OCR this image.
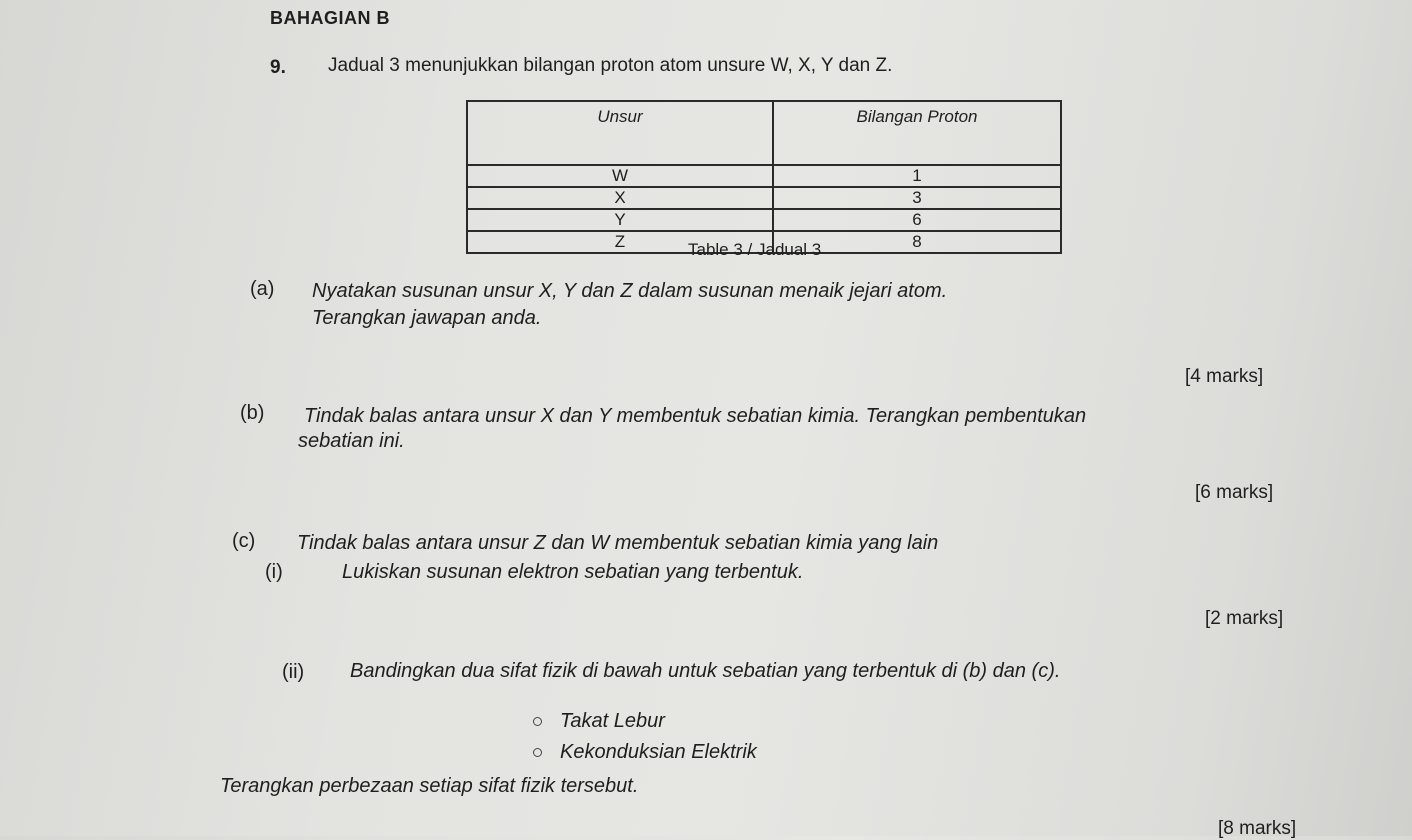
BAHAGIAN B
9. Jadual 3 menunjukkan bilangan proton atom unsure W, X, Y dan Z.
Unsur	Bilangan Proton
W	1
X	3
Y	6
Z	8
Table 3 / Jadual 3
(a) Nyatakan susunan unsur X, Y dan Z dalam susunan menaik jejari atom.
Terangkan jawapan anda.
[4 marks]
(b) Tindak balas antara unsur X dan Y membentuk sebatian kimia. Terangkan pembentukan
sebatian ini.
[6 marks]
(c) Tindak balas antara unsur Z dan W membentuk sebatian kimia yang lain
(i)	Lukiskan susunan elektron sebatian yang terbentuk.
[2 marks]
(ii) Bandingkan dua sifat fizik di bawah untuk sebatian yang terbentuk di (b) dan (c).
Takat Lebur
Kekonduksian Elektrik
Terangkan perbezaan setiap sifat fizik tersebut.
[8 marks]
